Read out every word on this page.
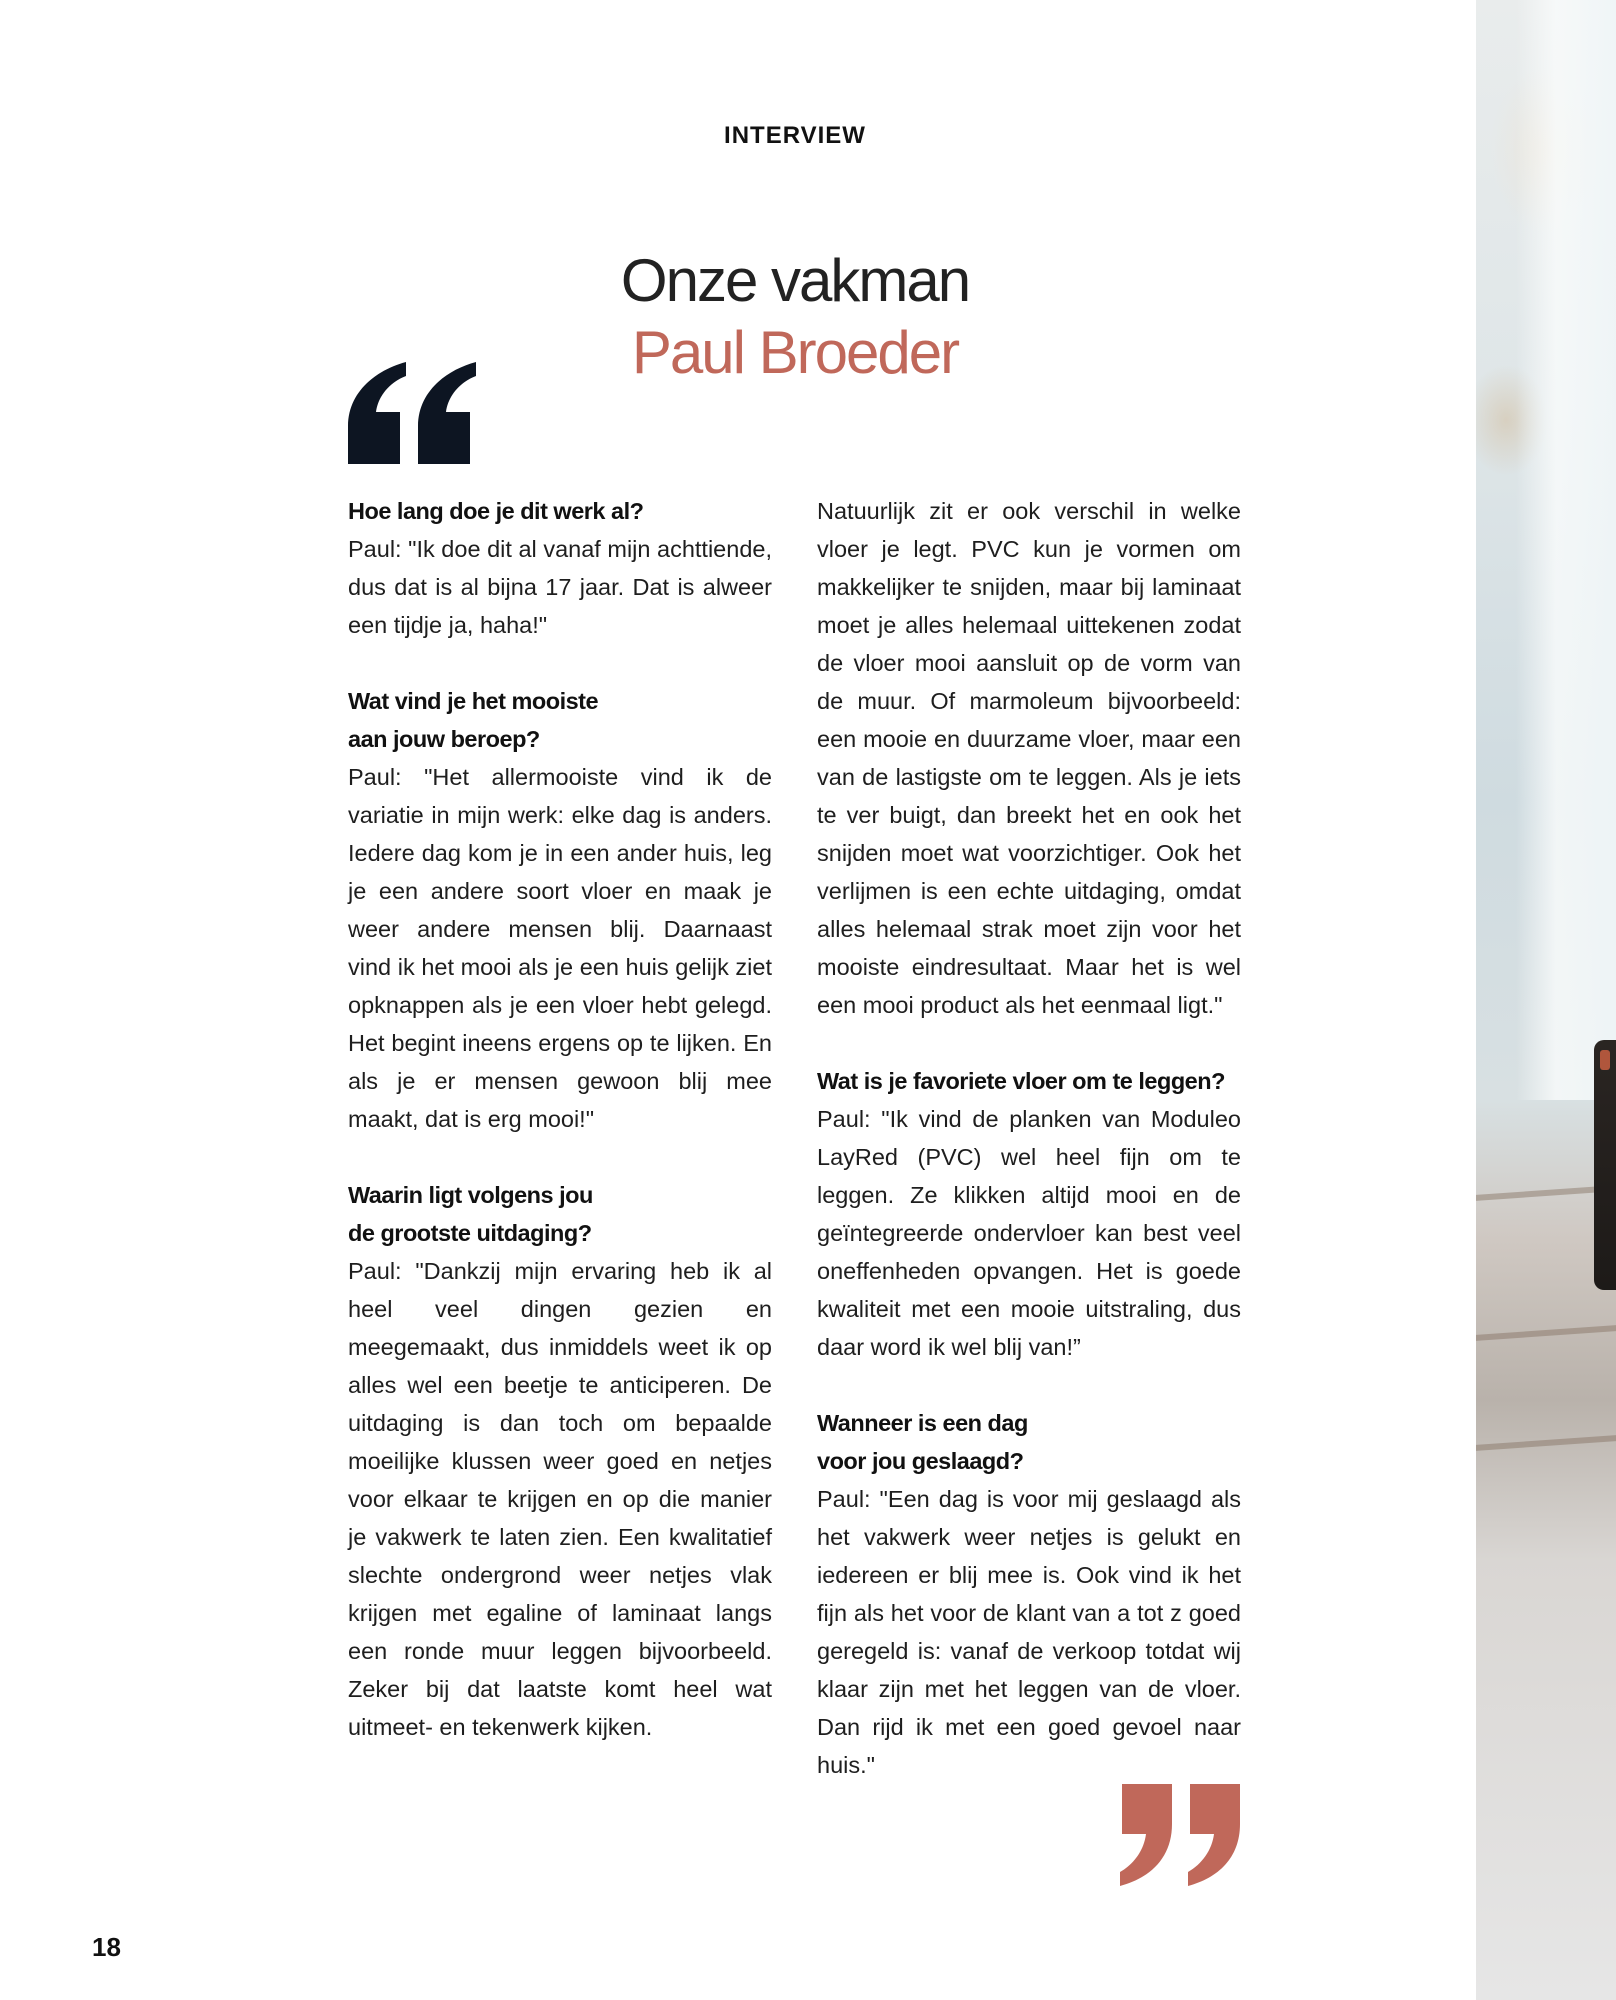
INTERVIEW
Onze vakman
Paul Broeder

Hoe lang doe je dit werk al?
Paul: "Ik doe dit al vanaf mijn achttiende, dus dat is al bijna 17 jaar. Dat is alweer een tijdje ja, haha!"

Wat vind je het mooiste aan jouw beroep?
Paul: "Het allermooiste vind ik de variatie in mijn werk: elke dag is anders. Iedere dag kom je in een ander huis, leg je een andere soort vloer en maak je weer andere mensen blij. Daarnaast vind ik het mooi als je een huis gelijk ziet opknappen als je een vloer hebt gelegd. Het begint ineens ergens op te lijken. En als je er mensen gewoon blij mee maakt, dat is erg mooi!"

Waarin ligt volgens jou de grootste uitdaging?
Paul: "Dankzij mijn ervaring heb ik al heel veel dingen gezien en meegemaakt, dus inmiddels weet ik op alles wel een beetje te anticiperen. De uitdaging is dan toch om bepaalde moeilijke klussen weer goed en netjes voor elkaar te krijgen en op die manier je vakwerk te laten zien. Een kwalitatief slechte ondergrond weer netjes vlak krijgen met egaline of laminaat langs een ronde muur leggen bijvoorbeeld. Zeker bij dat laatste komt heel wat uitmeet- en tekenwerk kijken.

Natuurlijk zit er ook verschil in welke vloer je legt. PVC kun je vormen om makkelijker te snijden, maar bij laminaat moet je alles helemaal uittekenen zodat de vloer mooi aansluit op de vorm van de muur. Of marmoleum bijvoorbeeld: een mooie en duurzame vloer, maar een van de lastigste om te leggen. Als je iets te ver buigt, dan breekt het en ook het snijden moet wat voorzichtiger. Ook het verlijmen is een echte uitdaging, omdat alles helemaal strak moet zijn voor het mooiste eindresultaat. Maar het is wel een mooi product als het eenmaal ligt."

Wat is je favoriete vloer om te leggen?
Paul: "Ik vind de planken van Moduleo LayRed (PVC) wel heel fijn om te leggen. Ze klikken altijd mooi en de geïntegreerde ondervloer kan best veel oneffenheden opvangen. Het is goede kwaliteit met een mooie uitstraling, dus daar word ik wel blij van!”

Wanneer is een dag voor jou geslaagd?
Paul: "Een dag is voor mij geslaagd als het vakwerk weer netjes is gelukt en iedereen er blij mee is. Ook vind ik het fijn als het voor de klant van a tot z goed geregeld is: vanaf de verkoop totdat wij klaar zijn met het leggen van de vloer. Dan rijd ik met een goed gevoel naar huis."

18
